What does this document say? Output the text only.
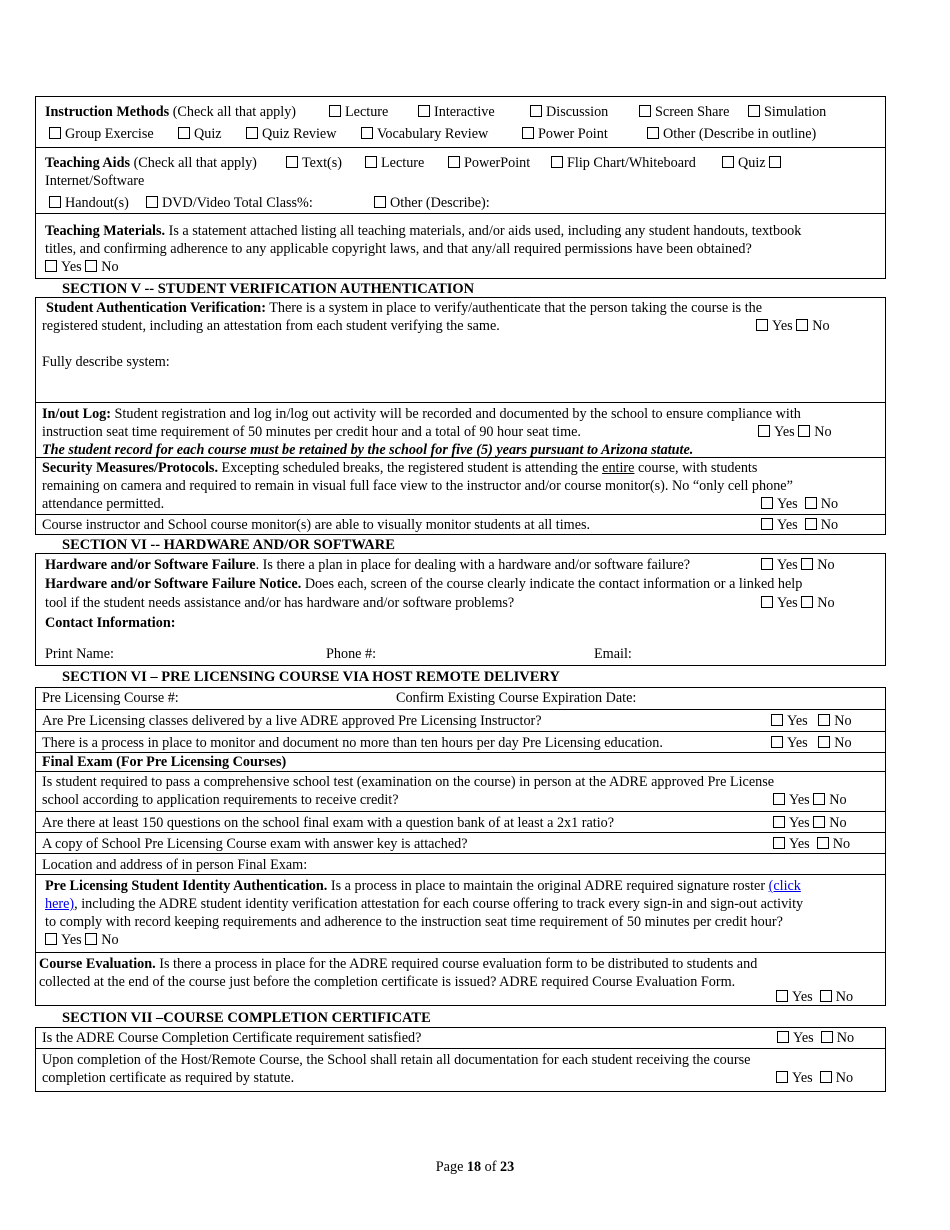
Instruction Methods (Check all that apply)	Lecture	Interactive	Discussion	Screen Share	Simulation
Group Exercise	Quiz	Quiz Review	Vocabulary Review	Power Point	Other (Describe in outline)
Teaching Aids (Check all that apply)	Text(s)	Lecture	PowerPoint	Flip Chart/Whiteboard	Quiz
Internet/Software
Handout(s)	DVD/Video Total Class%:	Other (Describe):
Teaching Materials. Is a statement attached listing all teaching materials, and/or aids used, including any student handouts, textbook
titles, and confirming adherence to any applicable copyright laws, and that any/all required permissions have been obtained?
Yes No
SECTION V -- STUDENT VERIFICATION AUTHENTICATION
Student Authentication Verification: There is a system in place to verify/authenticate that the person taking the course is the
registered student, including an attestation from each student verifying the same.	Yes No
Fully describe system:
In/out Log: Student registration and log in/log out activity will be recorded and documented by the school to ensure compliance with
instruction seat time requirement of 50 minutes per credit hour and a total of 90 hour seat time.	Yes No
The student record for each course must be retained by the school for five (5) years pursuant to Arizona statute.
Security Measures/Protocols. Excepting scheduled breaks, the registered student is attending the entire course, with students
remaining on camera and required to remain in visual full face view to the instructor and/or course monitor(s). No “only cell phone”
attendance permitted.	Yes No
Course instructor and School course monitor(s) are able to visually monitor students at all times.	Yes No
SECTION VI -- HARDWARE AND/OR SOFTWARE
Hardware and/or Software Failure. Is there a plan in place for dealing with a hardware and/or software failure?	Yes No
Hardware and/or Software Failure Notice. Does each, screen of the course clearly indicate the contact information or a linked help
tool if the student needs assistance and/or has hardware and/or software problems?	Yes No
Contact Information:
Print Name:	Phone #:	Email:
SECTION VI – PRE LICENSING COURSE VIA HOST REMOTE DELIVERY
Pre Licensing Course #:	Confirm Existing Course Expiration Date:
Are Pre Licensing classes delivered by a live ADRE approved Pre Licensing Instructor?	Yes No
There is a process in place to monitor and document no more than ten hours per day Pre Licensing education.	Yes No
Final Exam (For Pre Licensing Courses)
Is student required to pass a comprehensive school test (examination on the course) in person at the ADRE approved Pre License
school according to application requirements to receive credit?	Yes No
Are there at least 150 questions on the school final exam with a question bank of at least a 2x1 ratio?	Yes No
A copy of School Pre Licensing Course exam with answer key is attached?	Yes No
Location and address of in person Final Exam:
Pre Licensing Student Identity Authentication. Is a process in place to maintain the original ADRE required signature roster (click
here), including the ADRE student identity verification attestation for each course offering to track every sign-in and sign-out activity
to comply with record keeping requirements and adherence to the instruction seat time requirement of 50 minutes per credit hour?
Yes No
Course Evaluation. Is there a process in place for the ADRE required course evaluation form to be distributed to students and
collected at the end of the course just before the completion certificate is issued? ADRE required Course Evaluation Form.
Yes No
SECTION VII –COURSE COMPLETION CERTIFICATE
Is the ADRE Course Completion Certificate requirement satisfied?	Yes No
Upon completion of the Host/Remote Course, the School shall retain all documentation for each student receiving the course
completion certificate as required by statute.	Yes No
Page 18 of 23
